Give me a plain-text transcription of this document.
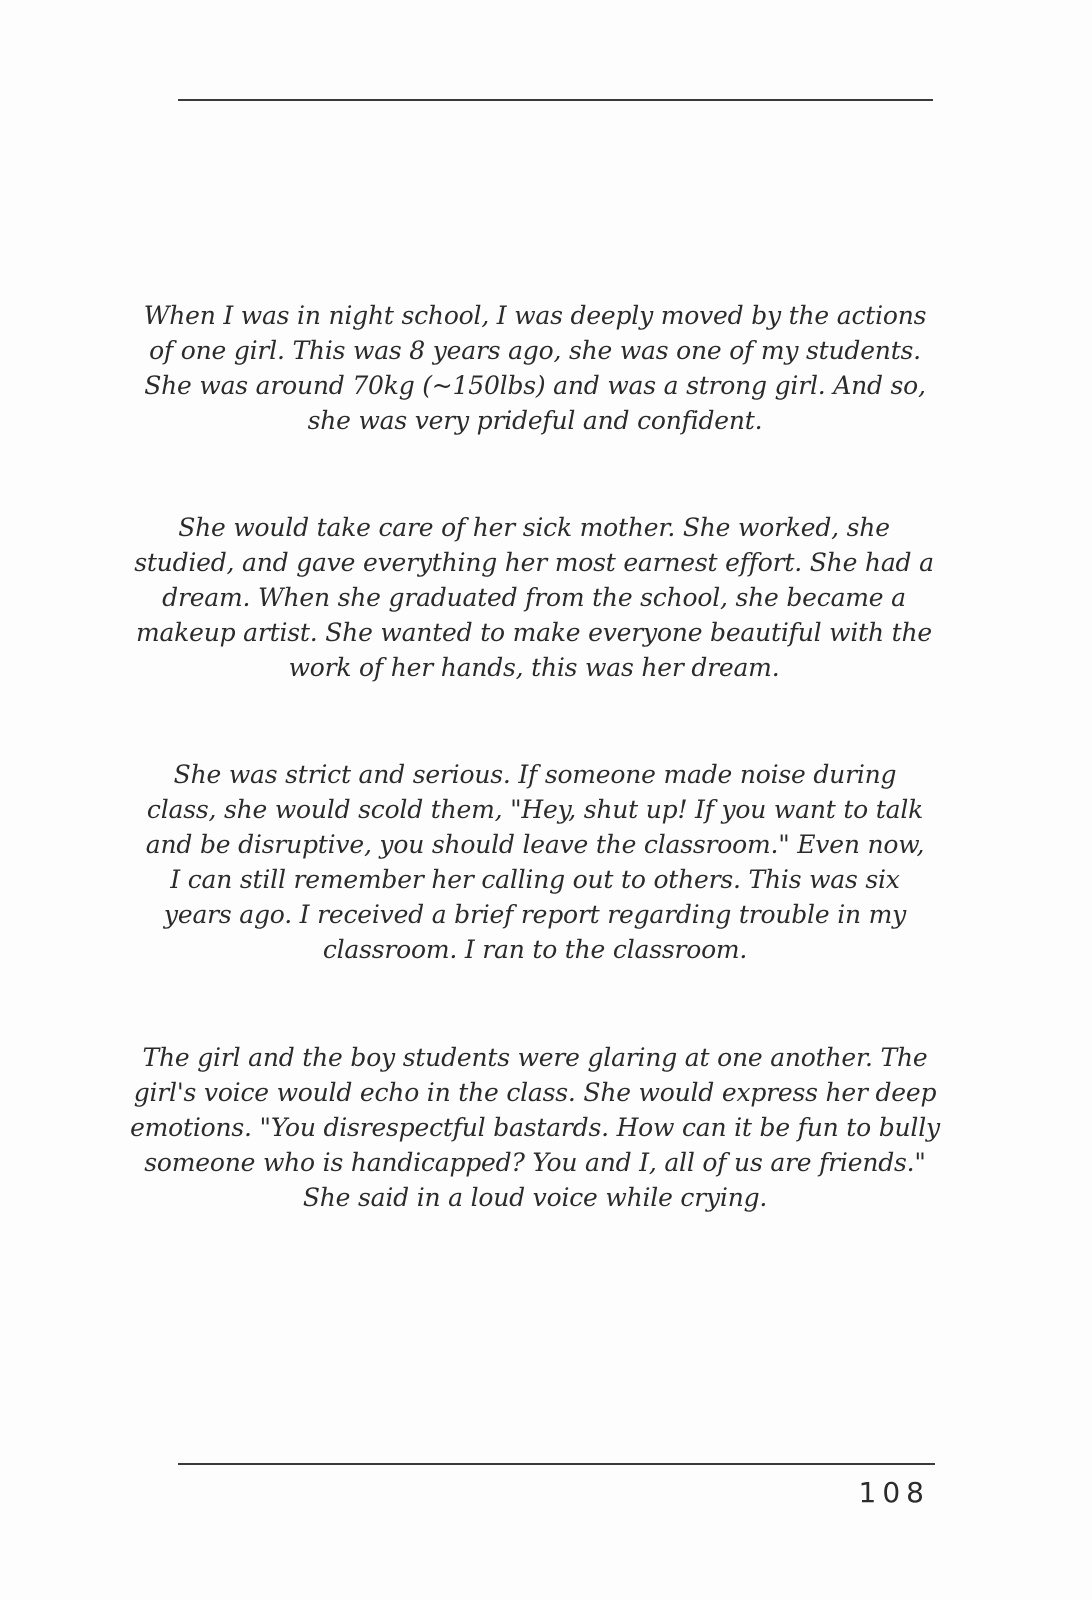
When I was in night school, I was deeply moved by the actions of one girl. This was 8 years ago, she was one of my students. She was around 70kg (~150lbs) and was a strong girl. And so, she was very prideful and confident.

She would take care of her sick mother. She worked, she studied, and gave everything her most earnest effort. She had a dream. When she graduated from the school, she became a makeup artist. She wanted to make everyone beautiful with the work of her hands, this was her dream.

She was strict and serious. If someone made noise during class, she would scold them, "Hey, shut up! If you want to talk and be disruptive, you should leave the classroom." Even now, I can still remember her calling out to others. This was six years ago. I received a brief report regarding trouble in my classroom. I ran to the classroom.

The girl and the boy students were glaring at one another. The girl's voice would echo in the class. She would express her deep emotions. "You disrespectful bastards. How can it be fun to bully someone who is handicapped? You and I, all of us are friends." She said in a loud voice while crying.

108
